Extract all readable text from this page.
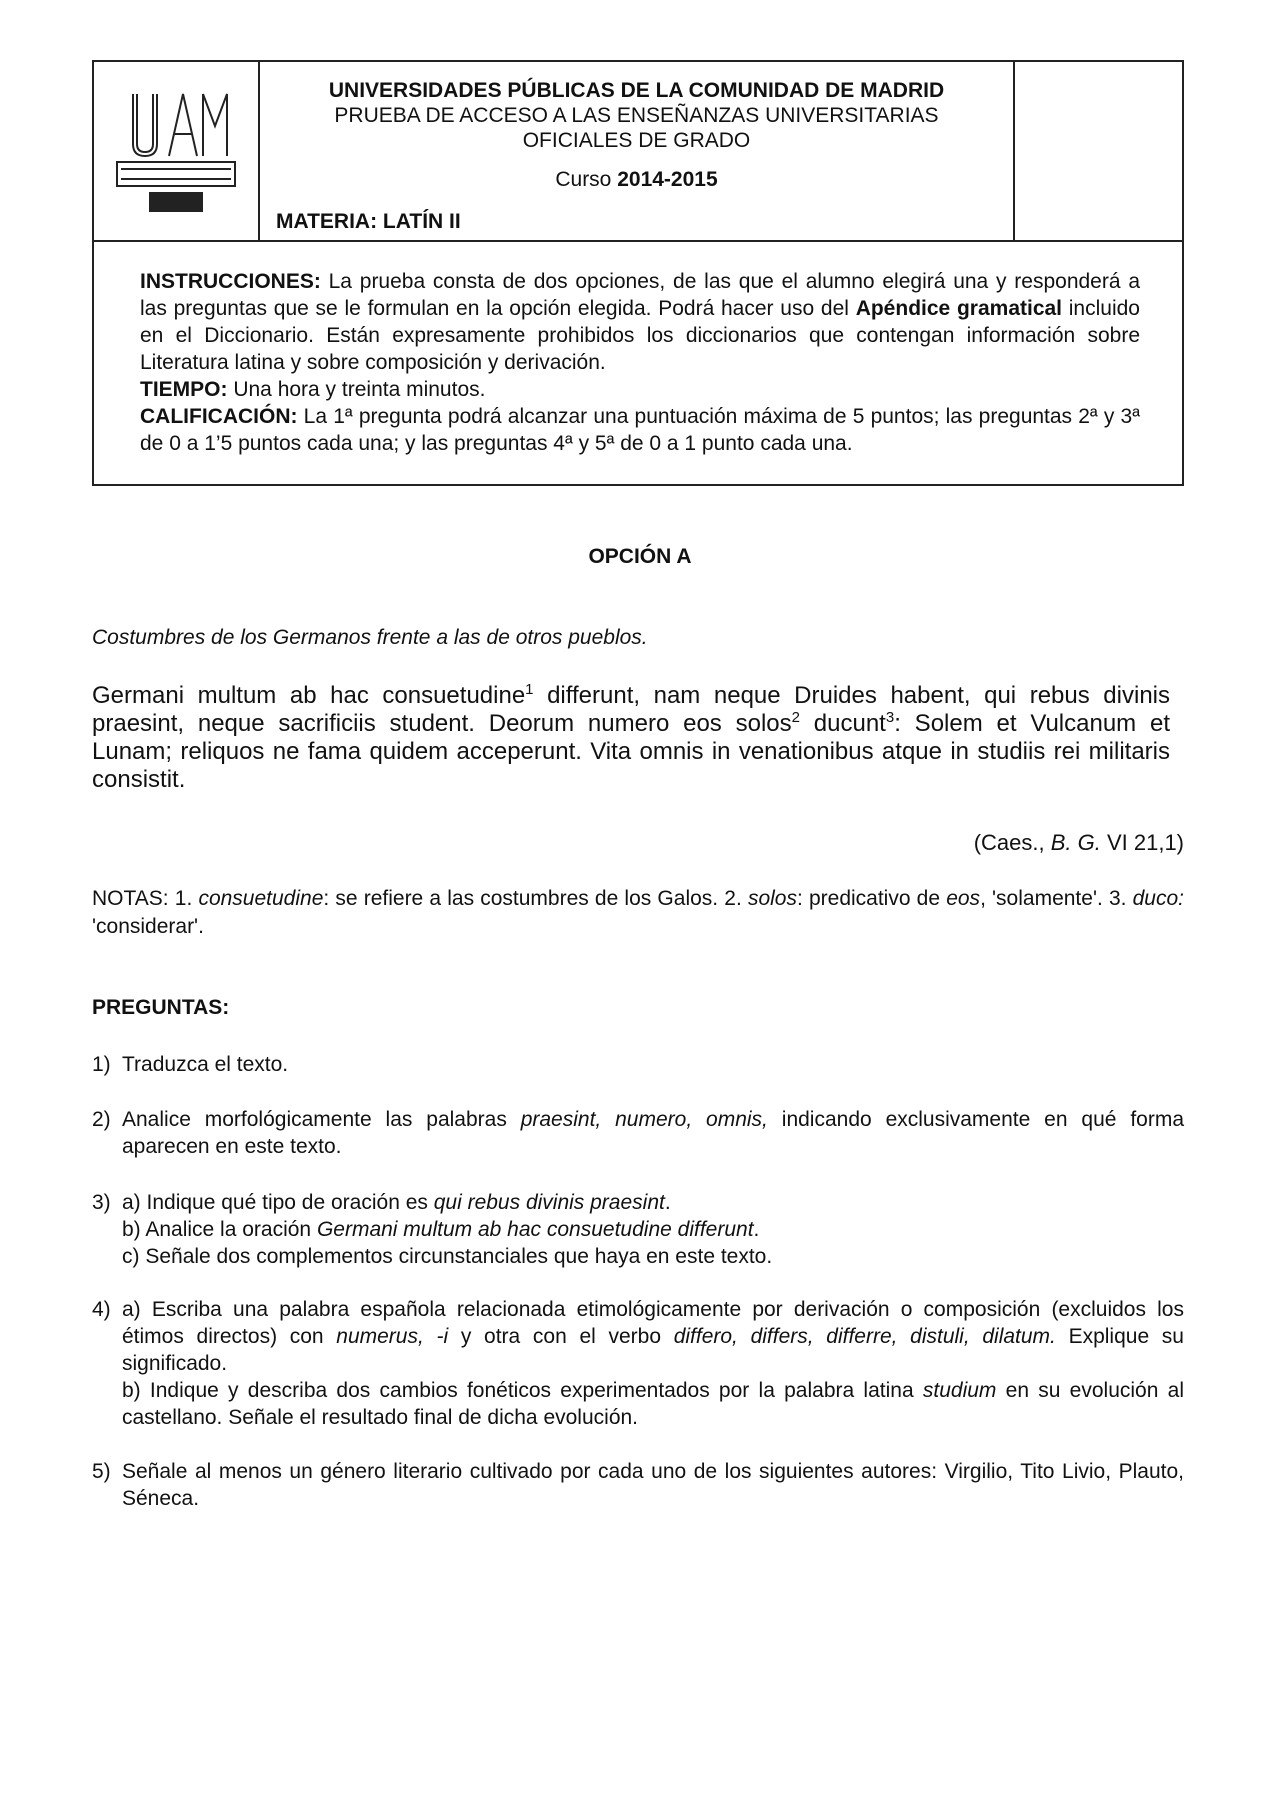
UNIVERSIDADES PÚBLICAS DE LA COMUNIDAD DE MADRID
PRUEBA DE ACCESO A LAS ENSEÑANZAS UNIVERSITARIAS OFICIALES DE GRADO
Curso 2014-2015
MATERIA: LATÍN II

INSTRUCCIONES: La prueba consta de dos opciones, de las que el alumno elegirá una y responderá a las preguntas que se le formulan en la opción elegida. Podrá hacer uso del Apéndice gramatical incluido en el Diccionario. Están expresamente prohibidos los diccionarios que contengan información sobre Literatura latina y sobre composición y derivación.

TIEMPO: Una hora y treinta minutos.

CALIFICACIÓN: La 1ª pregunta podrá alcanzar una puntuación máxima de 5 puntos; las preguntas 2ª y 3ª de 0 a 1’5 puntos cada una; y las preguntas 4ª y 5ª de 0 a 1 punto cada una.

OPCIÓN A
Costumbres de los Germanos frente a las de otros pueblos.
Germani multum ab hac consuetudine$^1$ differunt, nam neque Druides habent, qui rebus divinis praesint, neque sacrificiis student. Deorum numero eos solos$^2$ ducunt$^3$: Solem et Vulcanum et Lunam; reliquos ne fama quidem acceperunt. Vita omnis in venationibus atque in studiis rei militaris consistit.
(Caes., B. G. VI 21,1)
NOTAS: 1. consuetudine: se refiere a las costumbres de los Galos. 2. solos: predicativo de eos, 'solamente'. 3. duco: 'considerar'.
PREGUNTAS:
1) Traduzca el texto.
2) Analice morfológicamente las palabras praesint, numero, omnis, indicando exclusivamente en qué forma aparecen en este texto.
3) a) Indique qué tipo de oración es qui rebus divinis praesint.

b) Analice la oración Germani multum ab hac consuetudine differunt.

c) Señale dos complementos circunstanciales que haya en este texto.

4) a) Escriba una palabra española relacionada etimológicamente por derivación o composición (excluidos los étimos directos) con numerus, -i y otra con el verbo differo, differs, differre, distuli, dilatum. Explique su significado.

b) Indique y describa dos cambios fonéticos experimentados por la palabra latina studium en su evolución al castellano. Señale el resultado final de dicha evolución.

5) Señale al menos un género literario cultivado por cada uno de los siguientes autores: Virgilio, Tito Livio, Plauto, Séneca.
